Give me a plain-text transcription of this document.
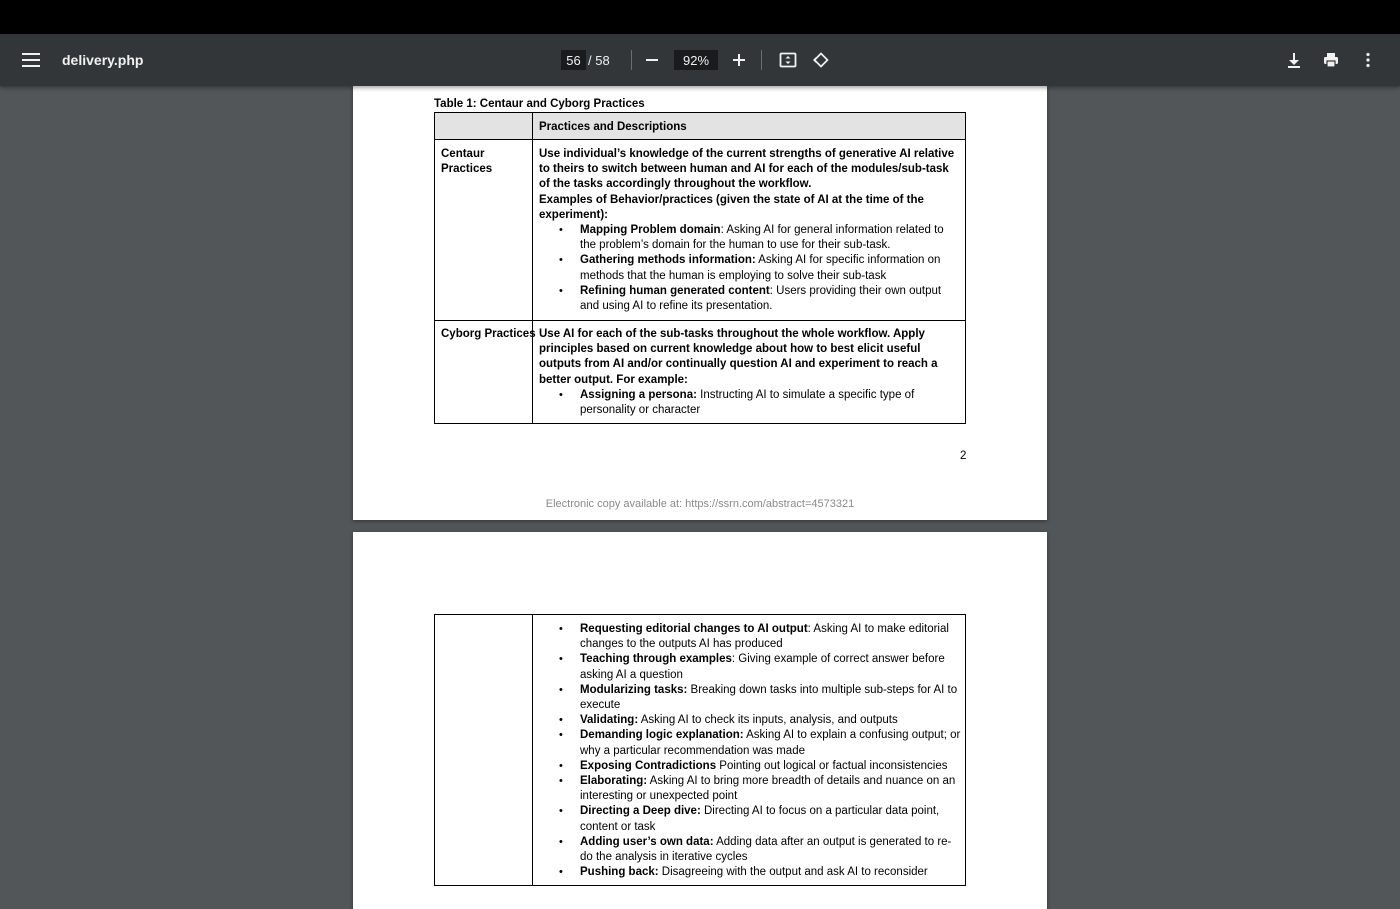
delivery.php	56 / 58	92%
Table 1: Centaur and Cyborg Practices
Practices and Descriptions
Centaur
Practices

Use individual’s knowledge of the current strengths of generative AI relative to theirs to switch between human and AI for each of the modules/sub-task of the tasks accordingly throughout the workflow.

Examples of Behavior/practices (given the state of AI at the time of the experiment):

• Mapping Problem domain: Asking AI for general information related to the problem’s domain for the human to use for their sub-task.
• Gathering methods information: Asking AI for specific information on methods that the human is employing to solve their sub-task
• Refining human generated content: Users providing their own output and using AI to refine its presentation.
Cyborg Practices Use AI for each of the sub-tasks throughout the whole workflow. Apply principles based on current knowledge about how to best elicit useful outputs from AI and/or continually question AI and experiment to reach a better output. For example:

• Assigning a persona: Instructing AI to simulate a specific type of personality or character
2
Electronic copy available at: https://ssrn.com/abstract=4573321
• Requesting editorial changes to AI output: Asking AI to make editorial changes to the outputs AI has produced
• Teaching through examples: Giving example of correct answer before asking AI a question
• Modularizing tasks: Breaking down tasks into multiple sub-steps for AI to execute
• Validating: Asking AI to check its inputs, analysis, and outputs
• Demanding logic explanation: Asking AI to explain a confusing output; or why a particular recommendation was made
• Exposing Contradictions Pointing out logical or factual inconsistencies
• Elaborating: Asking AI to bring more breadth of details and nuance on an interesting or unexpected point
• Directing a Deep dive: Directing AI to focus on a particular data point, content or task
• Adding user’s own data: Adding data after an output is generated to re-do the analysis in iterative cycles
• Pushing back: Disagreeing with the output and ask AI to reconsider
